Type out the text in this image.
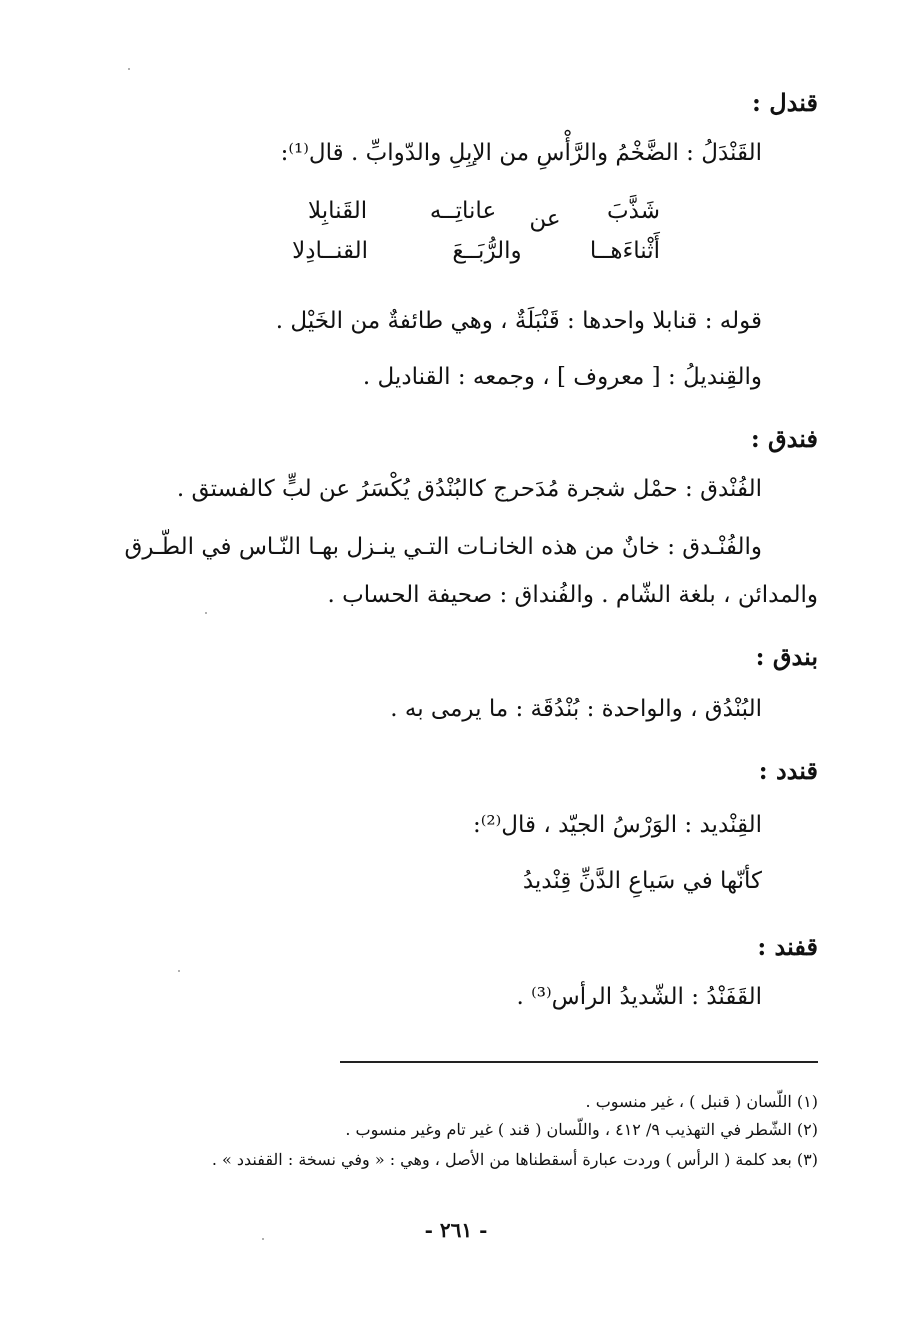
قندل :
القَنْدَلُ : الضَّخْمُ والرَّأْسِ من الإبِلِ والدّوابِّ . قال⁽¹⁾:
القَنابِلا	عاناتِــه	عن	شَذَّبَ
القنــادِلا	والرُّبَــعَ	أَثْناءَهــا
قوله : قنابلا واحدها : قَنْبَلَةٌ ، وهي طائفةٌ من الخَيْل .
والقِنديلُ : [ معروف ] ، وجمعه : القناديل .
فندق :
الفُنْدق : حمْل شجرة مُدَحرج كالبُنْدُق يُكْسَرُ عن لبٍّ كالفستق .
والفُنْـدق : خانٌ من هذه الخانـات التـي ينـزل بهـا النّـاس في الطّـرق
والمدائن ، بلغة الشّام . والفُنداق : صحيفة الحساب .
بندق :
البُنْدُق ، والواحدة : بُنْدُقَة : ما يرمى به .
قندد :
القِنْديد : الوَرْسُ الجيّد ، قال⁽²⁾:
كأنّها في سَياعِ الدَّنِّ قِنْديدُ
قفند :
القَفَنْدُ : الشّديدُ الرأس⁽³⁾ .
(١) اللّسان ( قنبل ) ، غير منسوب .
(٢) الشّطر في التهذيب ٩/ ٤١٢ ، واللّسان ( قند ) غير تام وغير منسوب .
(٣) بعد كلمة ( الرأس ) وردت عبارة أسقطناها من الأصل ، وهي : « وفي نسخة : القفندد » .
- ٢٦١ -
